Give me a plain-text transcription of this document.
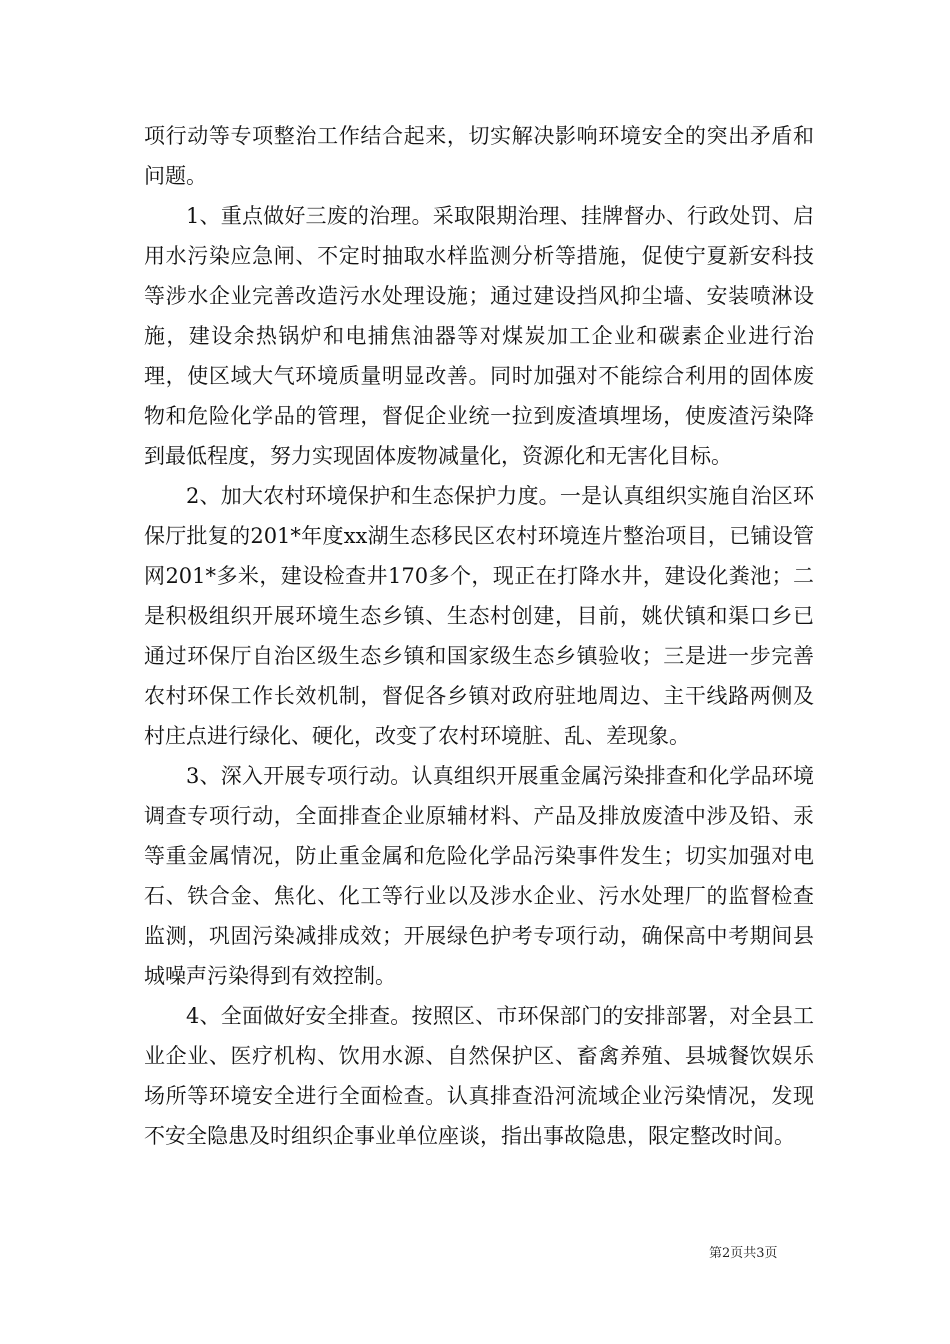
项行动等专项整治工作结合起来，切实解决影响环境安全的突出矛盾和问题。

1、重点做好三废的治理。采取限期治理、挂牌督办、行政处罚、启用水污染应急闸、不定时抽取水样监测分析等措施，促使宁夏新安科技等涉水企业完善改造污水处理设施；通过建设挡风抑尘墙、安装喷淋设施，建设余热锅炉和电捕焦油器等对煤炭加工企业和碳素企业进行治理，使区域大气环境质量明显改善。同时加强对不能综合利用的固体废物和危险化学品的管理，督促企业统一拉到废渣填埋场，使废渣污染降到最低程度，努力实现固体废物减量化，资源化和无害化目标。

2、加大农村环境保护和生态保护力度。一是认真组织实施自治区环保厅批复的201*年度xx湖生态移民区农村环境连片整治项目，已铺设管网201*多米，建设检查井170多个，现正在打降水井，建设化粪池；二是积极组织开展环境生态乡镇、生态村创建，目前，姚伏镇和渠口乡已通过环保厅自治区级生态乡镇和国家级生态乡镇验收；三是进一步完善农村环保工作长效机制，督促各乡镇对政府驻地周边、主干线路两侧及村庄点进行绿化、硬化，改变了农村环境脏、乱、差现象。

3、深入开展专项行动。认真组织开展重金属污染排查和化学品环境调查专项行动，全面排查企业原辅材料、产品及排放废渣中涉及铅、汞等重金属情况，防止重金属和危险化学品污染事件发生；切实加强对电石、铁合金、焦化、化工等行业以及涉水企业、污水处理厂的监督检查监测，巩固污染减排成效；开展绿色护考专项行动，确保高中考期间县城噪声污染得到有效控制。

4、全面做好安全排查。按照区、市环保部门的安排部署，对全县工业企业、医疗机构、饮用水源、自然保护区、畜禽养殖、县城餐饮娱乐场所等环境安全进行全面检查。认真排查沿河流域企业污染情况，发现不安全隐患及时组织企事业单位座谈，指出事故隐患，限定整改时间。

第2页共3页
